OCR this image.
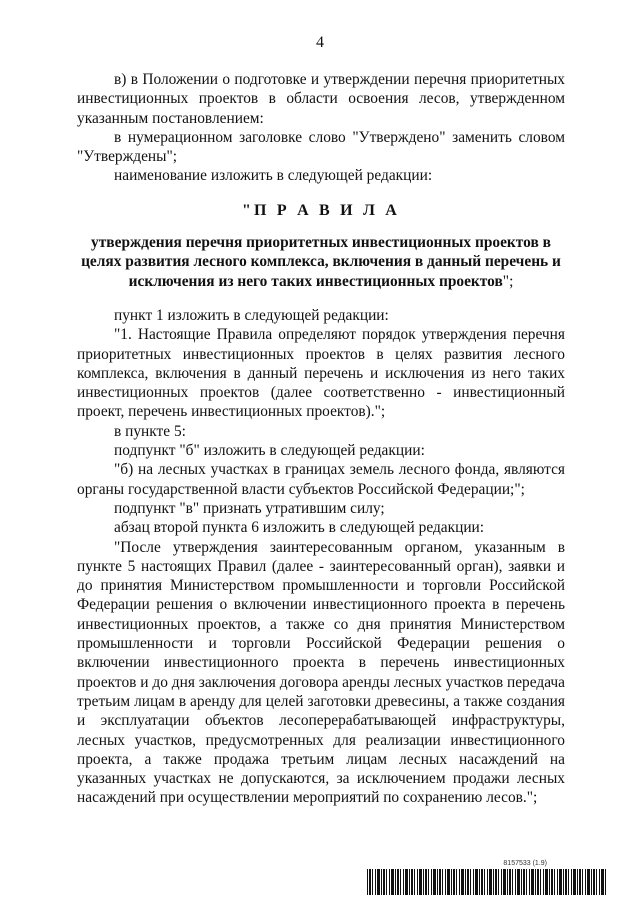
4

в) в Положении о подготовке и утверждении перечня приоритетных инвестиционных проектов в области освоения лесов, утвержденном указанным постановлением:

в нумерационном заголовке слово "Утверждено" заменить словом "Утверждены";

наименование изложить в следующей редакции:

"П Р А В И Л А
утверждения перечня приоритетных инвестиционных проектов в целях развития лесного комплекса, включения в данный перечень и исключения из него таких инвестиционных проектов";

пункт 1 изложить в следующей редакции:

"1. Настоящие Правила определяют порядок утверждения перечня приоритетных инвестиционных проектов в целях развития лесного комплекса, включения в данный перечень и исключения из него таких инвестиционных проектов (далее соответственно - инвестиционный проект, перечень инвестиционных проектов).";

в пункте 5:

подпункт "б" изложить в следующей редакции:

"б) на лесных участках в границах земель лесного фонда, являются органы государственной власти субъектов Российской Федерации;";

подпункт "в" признать утратившим силу;

абзац второй пункта 6 изложить в следующей редакции:

"После утверждения заинтересованным органом, указанным в пункте 5 настоящих Правил (далее - заинтересованный орган), заявки и до принятия Министерством промышленности и торговли Российской Федерации решения о включении инвестиционного проекта в перечень инвестиционных проектов, а также со дня принятия Министерством промышленности и торговли Российской Федерации решения о включении инвестиционного проекта в перечень инвестиционных проектов и до дня заключения договора аренды лесных участков передача третьим лицам в аренду для целей заготовки древесины, а также создания и эксплуатации объектов лесоперерабатывающей инфраструктуры, лесных участков, предусмотренных для реализации инвестиционного проекта, а также продажа третьим лицам лесных насаждений на указанных участках не допускаются, за исключением продажи лесных насаждений при осуществлении мероприятий по сохранению лесов.";

8157533 (1.9)
